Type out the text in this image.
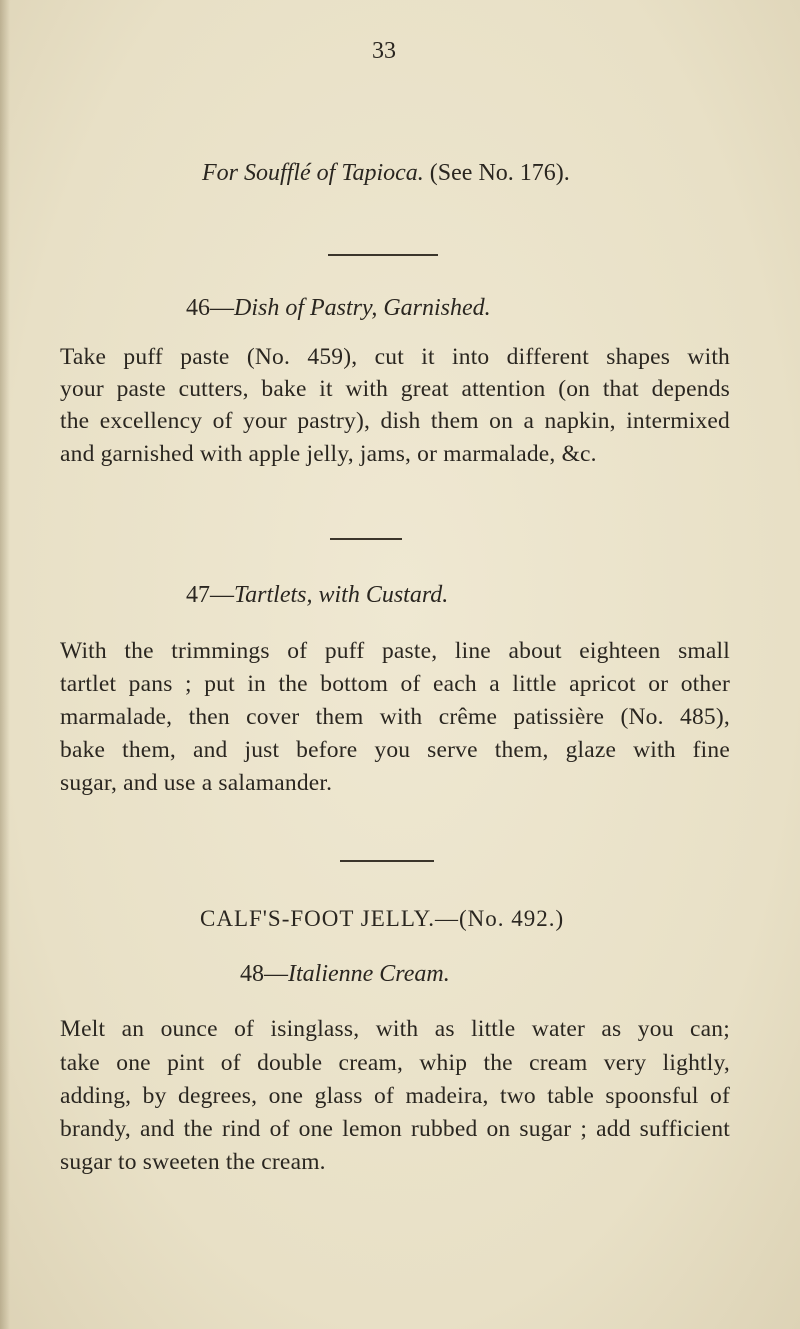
33
For Soufflé of Tapioca. (See No. 176).
46—Dish of Pastry, Garnished.
Take puff paste (No. 459), cut it into different shapes with
your paste cutters, bake it with great attention (on that depends
the excellency of your pastry), dish them on a napkin, intermixed
and garnished with apple jelly, jams, or marmalade, &c.
47—Tartlets, with Custard.
With the trimmings of puff paste, line about eighteen small
tartlet pans ; put in the bottom of each a little apricot or other
marmalade, then cover them with crême patissière (No. 485),
bake them, and just before you serve them, glaze with fine
sugar, and use a salamander.
CALF'S-FOOT JELLY.—(No. 492.)
48—Italienne Cream.
Melt an ounce of isinglass, with as little water as you can;
take one pint of double cream, whip the cream very lightly,
adding, by degrees, one glass of madeira, two table spoonsful of
brandy, and the rind of one lemon rubbed on sugar ; add sufficient
sugar to sweeten the cream.
